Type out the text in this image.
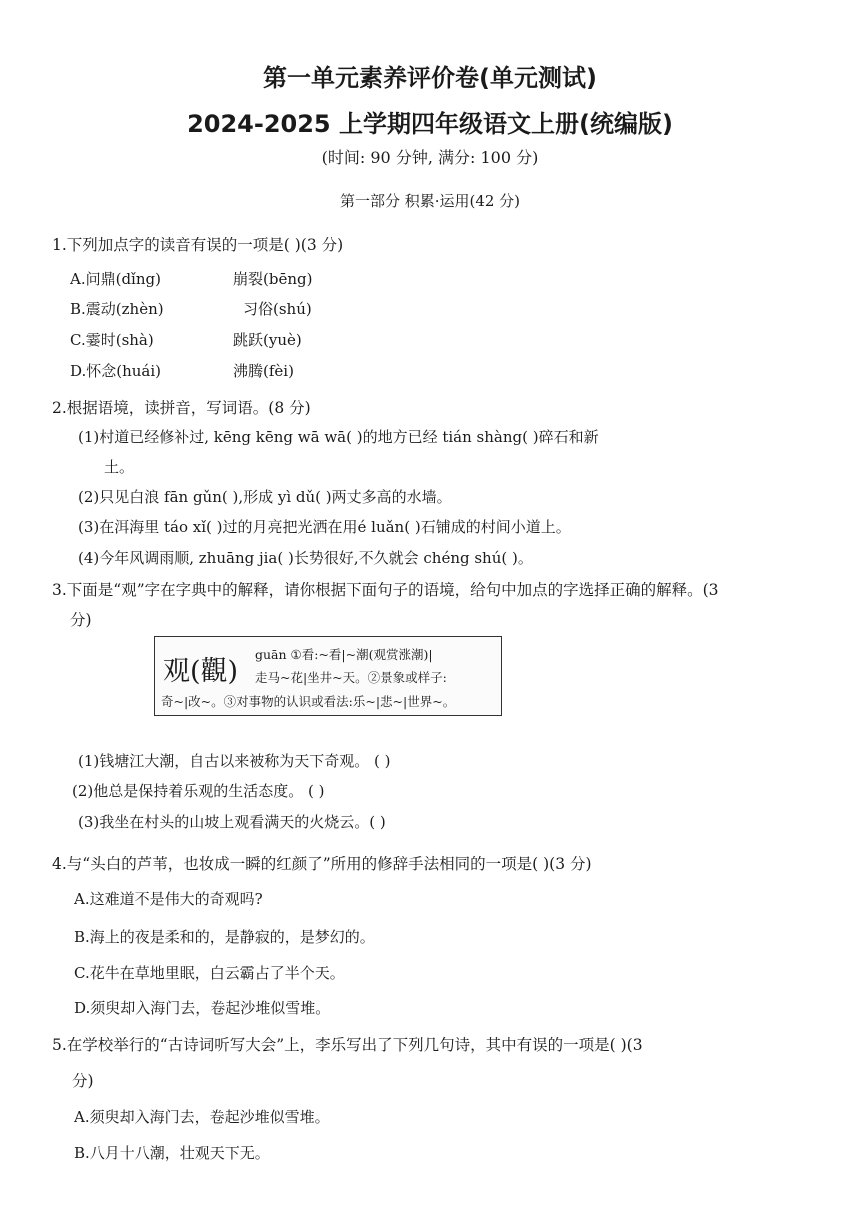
第一单元素养评价卷(单元测试)
2024-2025 上学期四年级语文上册(统编版)
(时间: 90 分钟, 满分: 100 分)
第一部分 积累·运用(42 分)
1.下列加点字的读音有误的一项是( )(3 分)
A.问鼎(dǐng)	崩裂(bēng)
B.震动(zhèn)	习俗(shú)
C.霎时(shà)	跳跃(yuè)
D.怀念(huái)	沸腾(fèi)
2.根据语境，读拼音，写词语。(8 分)
(1)村道已经修补过, kēng kēng wā wā( )的地方已经 tián shàng( )碎石和新
土。
(2)只见白浪 fān gǔn( ),形成 yì dǔ( )两丈多高的水墙。
(3)在洱海里 táo xǐ( )过的月亮把光洒在用é luǎn( )石铺成的村间小道上。
(4)今年风调雨顺, zhuāng jia( )长势很好,不久就会 chéng shú( )。
3.下面是“观”字在字典中的解释，请你根据下面句子的语境，给句中加点的字选择正确的解释。(3
分)
观(觀)
guān ①看:~看|~潮(观赏涨潮)|
走马~花|坐井~天。②景象或样子:
奇~|改~。③对事物的认识或看法:乐~|悲~|世界~。
(1)钱塘江大潮，自古以来被称为天下奇观。 ( )
(2)他总是保持着乐观的生活态度。 ( )
(3)我坐在村头的山坡上观看满天的火烧云。( )
4.与“头白的芦苇，也妆成一瞬的红颜了”所用的修辞手法相同的一项是( )(3 分)
A.这难道不是伟大的奇观吗?
B.海上的夜是柔和的，是静寂的，是梦幻的。
C.花牛在草地里眠，白云霸占了半个天。
D.须臾却入海门去，卷起沙堆似雪堆。
5.在学校举行的“古诗词听写大会”上，李乐写出了下列几句诗，其中有误的一项是( )(3
分)
A.须臾却入海门去，卷起沙堆似雪堆。
B.八月十八潮，壮观天下无。
